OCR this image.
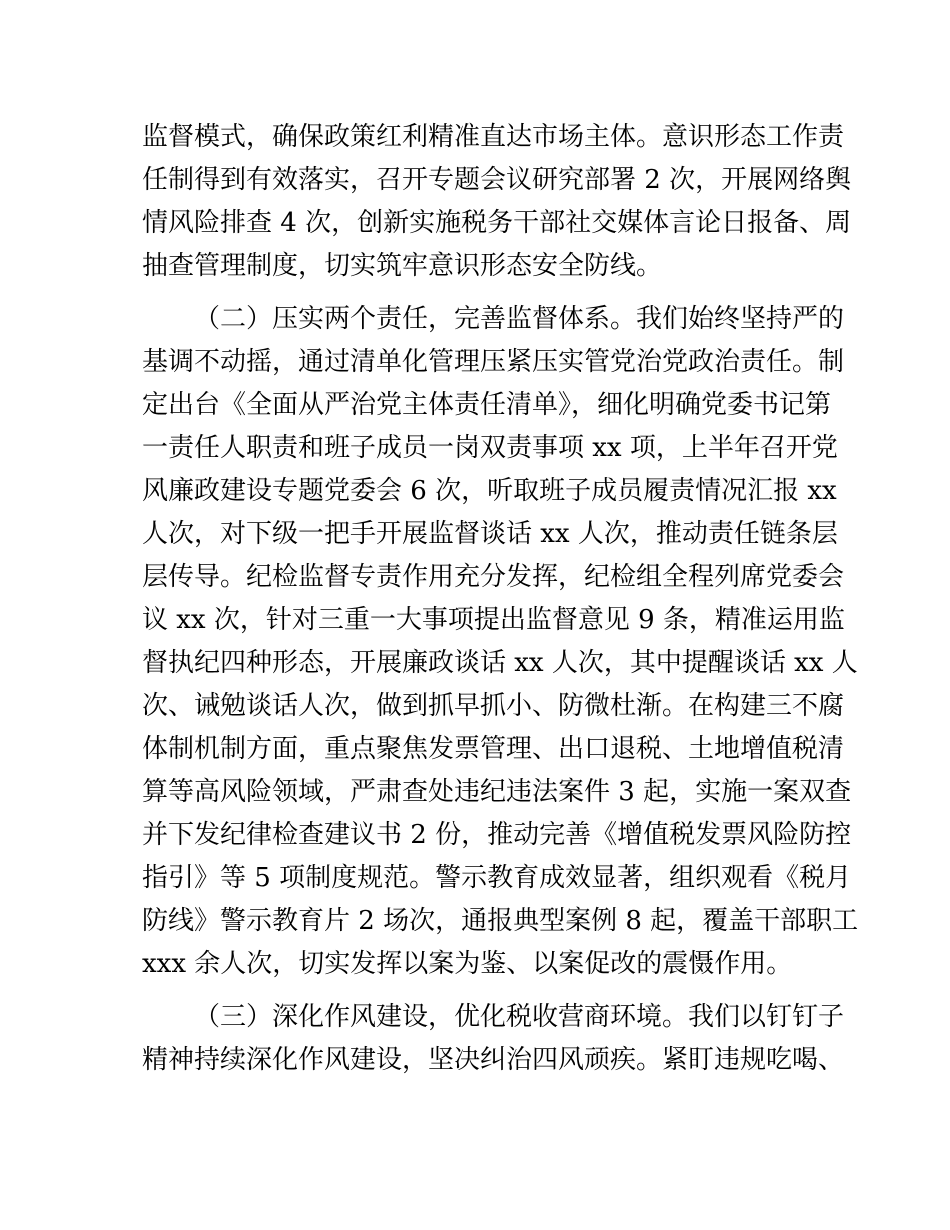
监督模式，确保政策红利精准直达市场主体。意识形态工作责
任制得到有效落实，召开专题会议研究部署 2 次，开展网络舆
情风险排查 4 次，创新实施税务干部社交媒体言论日报备、周
抽查管理制度，切实筑牢意识形态安全防线。
（二）压实两个责任，完善监督体系。我们始终坚持严的
基调不动摇，通过清单化管理压紧压实管党治党政治责任。制
定出台《全面从严治党主体责任清单》，细化明确党委书记第
一责任人职责和班子成员一岗双责事项 xx 项，上半年召开党
风廉政建设专题党委会 6 次，听取班子成员履责情况汇报 xx
人次，对下级一把手开展监督谈话 xx 人次，推动责任链条层
层传导。纪检监督专责作用充分发挥，纪检组全程列席党委会
议 xx 次，针对三重一大事项提出监督意见 9 条，精准运用监
督执纪四种形态，开展廉政谈话 xx 人次，其中提醒谈话 xx 人
次、诫勉谈话人次，做到抓早抓小、防微杜渐。在构建三不腐
体制机制方面，重点聚焦发票管理、出口退税、土地增值税清
算等高风险领域，严肃查处违纪违法案件 3 起，实施一案双查
并下发纪律检查建议书 2 份，推动完善《增值税发票风险防控
指引》等 5 项制度规范。警示教育成效显著，组织观看《税月
防线》警示教育片 2 场次，通报典型案例 8 起，覆盖干部职工
xxx 余人次，切实发挥以案为鉴、以案促改的震慑作用。
（三）深化作风建设，优化税收营商环境。我们以钉钉子
精神持续深化作风建设，坚决纠治四风顽疾。紧盯违规吃喝、
